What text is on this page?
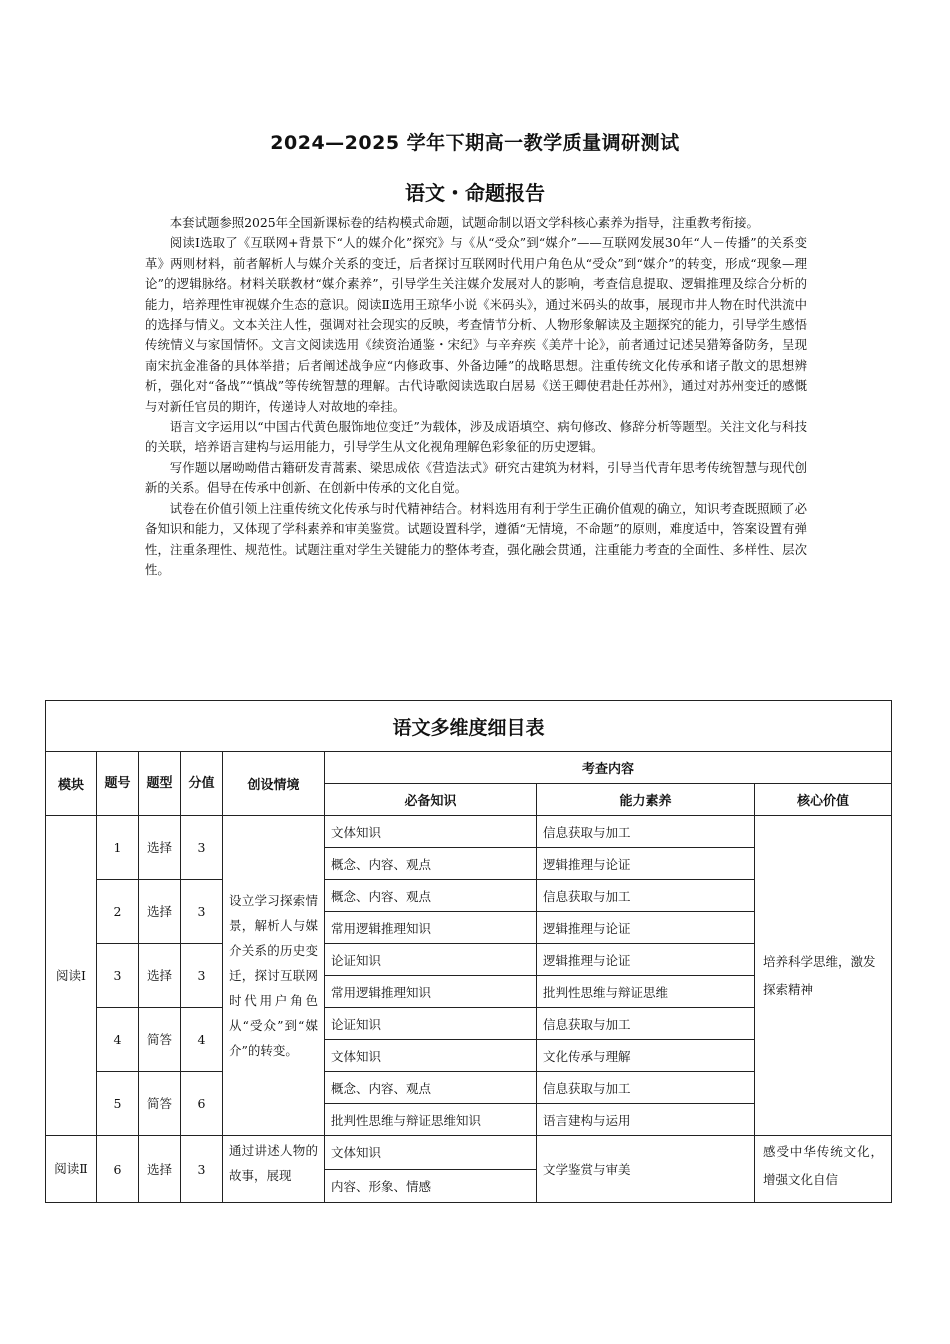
2024—2025 学年下期高一教学质量调研测试
语文・命题报告

本套试题参照2025年全国新课标卷的结构模式命题，试题命制以语文学科核心素养为指导，注重教考衔接。

阅读Ⅰ选取了《互联网+背景下“人的媒介化”探究》与《从“受众”到“媒介”——互联网发展30年“人－传播”的关系变革》两则材料，前者解析人与媒介关系的变迁，后者探讨互联网时代用户角色从“受众”到“媒介”的转变，形成“现象—理论”的逻辑脉络。材料关联教材“媒介素养”，引导学生关注媒介发展对人的影响，考查信息提取、逻辑推理及综合分析的能力，培养理性审视媒介生态的意识。阅读Ⅱ选用王琼华小说《米码头》，通过米码头的故事，展现市井人物在时代洪流中的选择与情义。文本关注人性，强调对社会现实的反映，考查情节分析、人物形象解读及主题探究的能力，引导学生感悟传统情义与家国情怀。文言文阅读选用《续资治通鉴・宋纪》与辛弃疾《美芹十论》，前者通过记述吴猎筹备防务，呈现南宋抗金准备的具体举措；后者阐述战争应“内修政事、外备边陲”的战略思想。注重传统文化传承和诸子散文的思想辨析，强化对“备战”“慎战”等传统智慧的理解。古代诗歌阅读选取白居易《送王卿使君赴任苏州》，通过对苏州变迁的感慨与对新任官员的期许，传递诗人对故地的牵挂。

语言文字运用以“中国古代黄色服饰地位变迁”为载体，涉及成语填空、病句修改、修辞分析等题型。关注文化与科技的关联，培养语言建构与运用能力，引导学生从文化视角理解色彩象征的历史逻辑。

写作题以屠呦呦借古籍研发青蒿素、梁思成依《营造法式》研究古建筑为材料，引导当代青年思考传统智慧与现代创新的关系。倡导在传承中创新、在创新中传承的文化自觉。

试卷在价值引领上注重传统文化传承与时代精神结合。材料选用有利于学生正确价值观的确立，知识考查既照顾了必备知识和能力，又体现了学科素养和审美鉴赏。试题设置科学，遵循“无情境，不命题”的原则，难度适中，答案设置有弹性，注重条理性、规范性。试题注重对学生关键能力的整体考查，强化融会贯通，注重能力考查的全面性、多样性、层次性。

语文多维度细目表							
模块	题号	题型	分值	创设情境	考查内容		
					必备知识	能力素养	核心价值
阅读Ⅰ	1	选择	3	设立学习探索情景，解析人与媒介关系的历史变迁，探讨互联网时代用户角色从“受众”到“媒介”的转变。	文体知识	信息获取与加工	培养科学思维，激发探索精神
					概念、内容、观点	逻辑推理与论证	
	2	选择	3		概念、内容、观点	信息获取与加工	
					常用逻辑推理知识	逻辑推理与论证	
	3	选择	3		论证知识	逻辑推理与论证	
					常用逻辑推理知识	批判性思维与辩证思维	
	4	简答	4		论证知识	信息获取与加工	
					文体知识	文化传承与理解	
	5	简答	6		概念、内容、观点	信息获取与加工	
					批判性思维与辩证思维知识	语言建构与运用	
阅读Ⅱ	6	选择	3	通过讲述人物的故事，展现	文体知识	文学鉴赏与审美	感受中华传统文化，增强文化自信

					内容、形象、情感		
